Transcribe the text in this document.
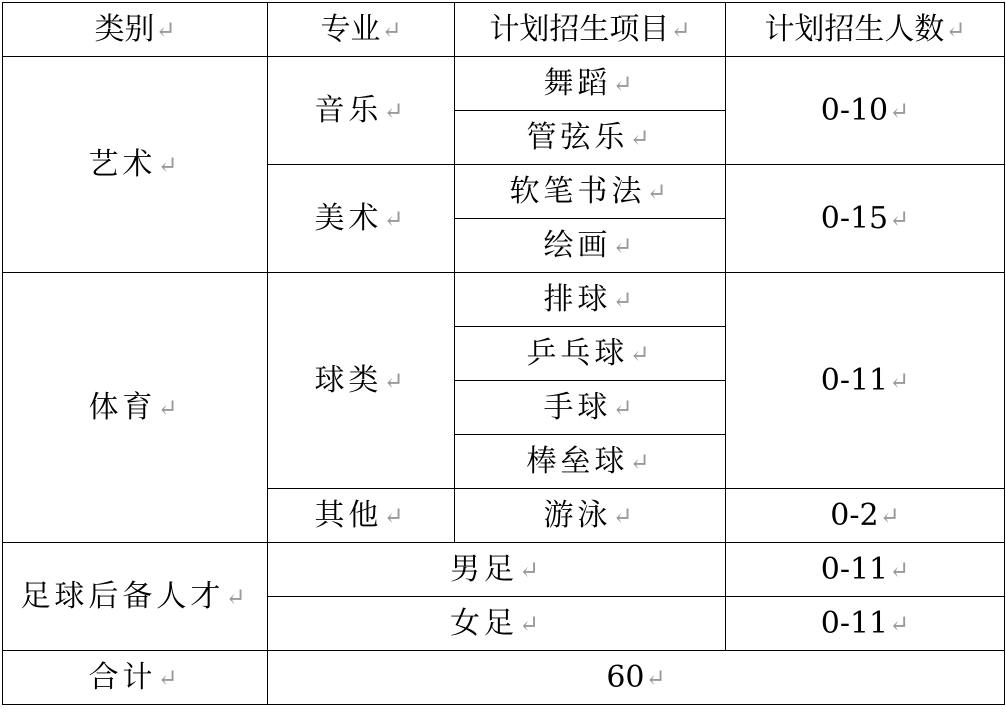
类别 ↵	专业 ↵	计划招生项目 ↵	计划招生人数 ↵

艺术 ↵	音乐 ↵	舞蹈 ↵	0-10 ↵

		管弦乐 ↵	

	美术 ↵	软笔书法 ↵	0-15 ↵

		绘画 ↵	

体育 ↵	球类 ↵	排球 ↵	0-11 ↵

		乒乓球 ↵	

		手球 ↵	

		棒垒球 ↵	

	其他 ↵	游泳 ↵	0-2 ↵

足球后备人才 ↵	男足 ↵		0-11 ↵

	女足 ↵		0-11 ↵

合计 ↵	60 ↵		
